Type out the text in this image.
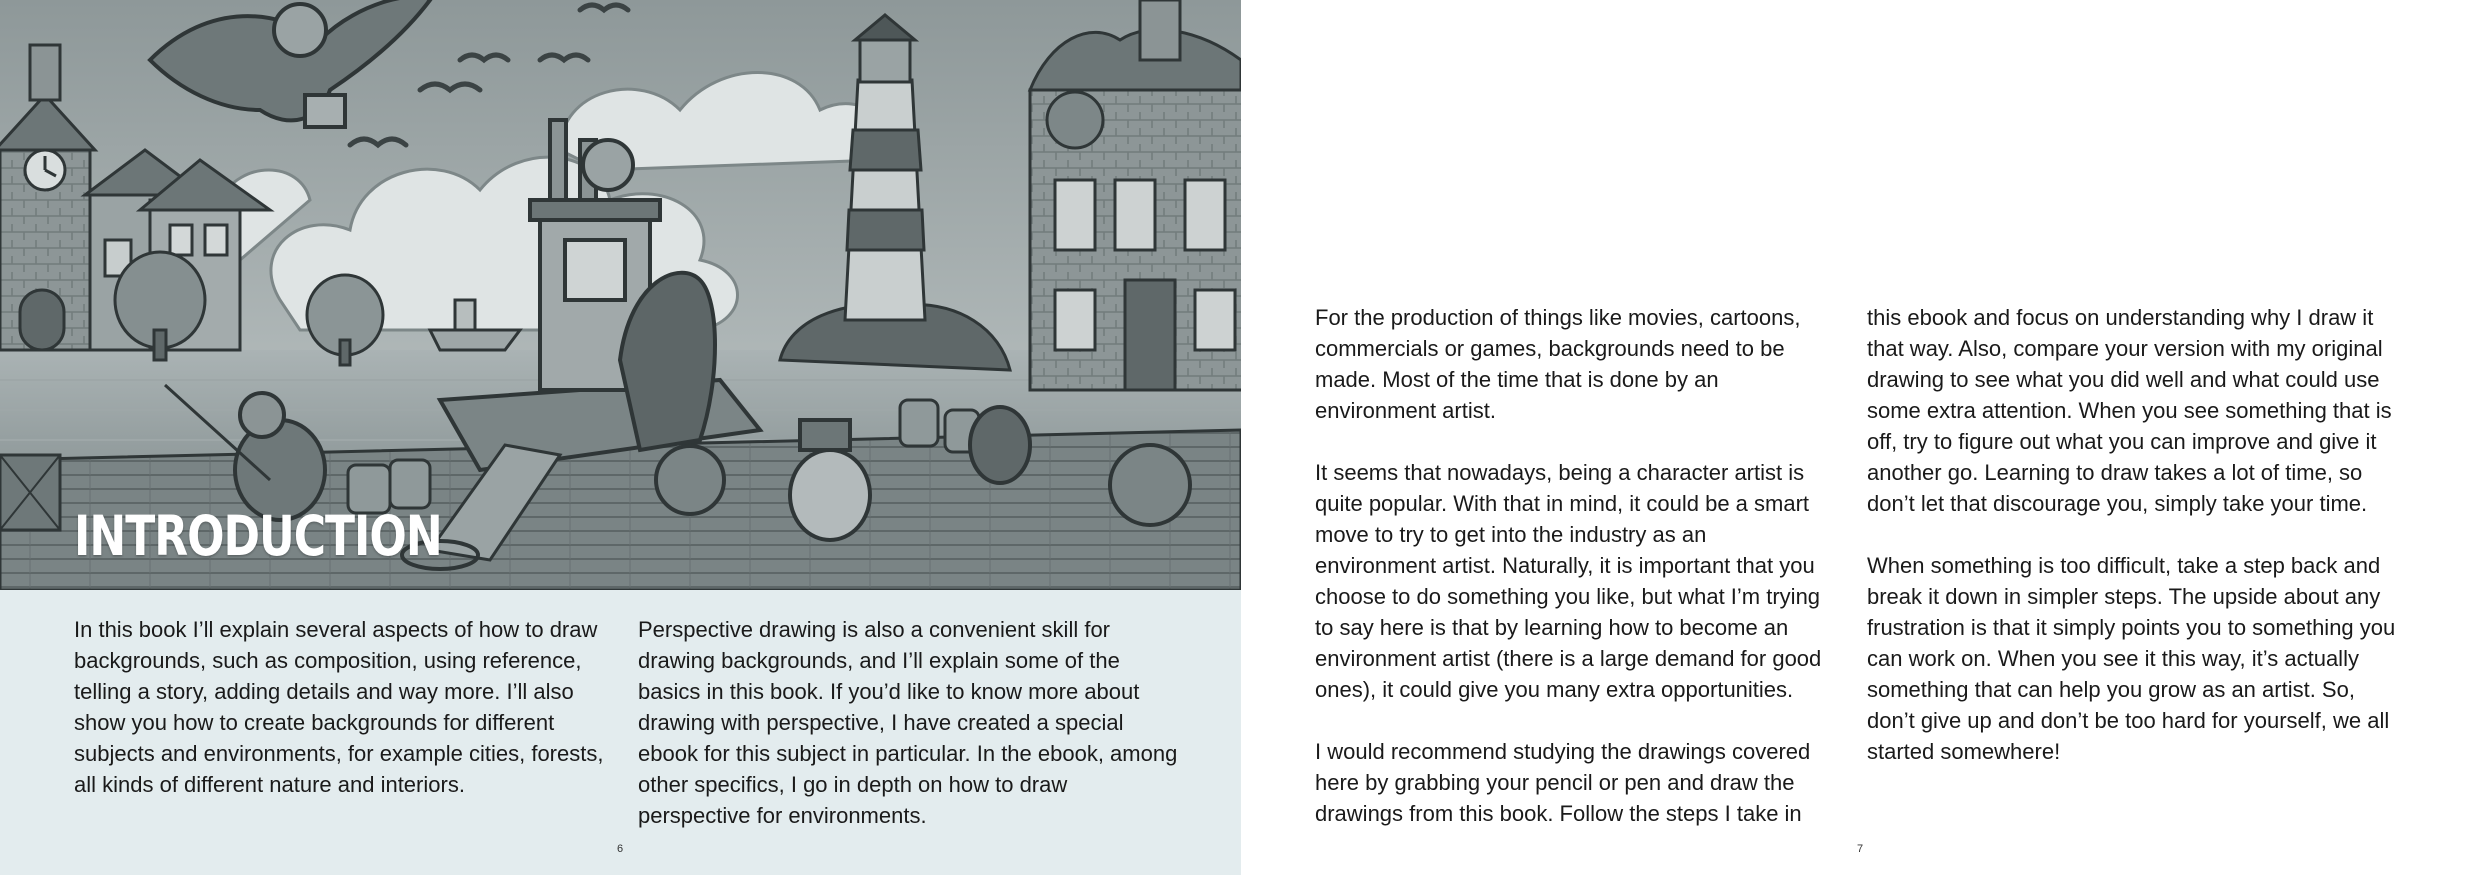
INTRODUCTION

In this book I’ll explain several aspects of how to draw backgrounds, such as composition, using reference, telling a story, adding details and way more. I’ll also show you how to create backgrounds for different subjects and environments, for example cities, forests, all kinds of different nature and interiors.

Perspective drawing is also a convenient skill for drawing backgrounds, and I’ll explain some of the basics in this book. If you’d like to know more about drawing with perspective, I have created a special ebook for this subject in particular. In the ebook, among other specifics, I go in depth on how to draw perspective for environments.

6

For the production of things like movies, cartoons, commercials or games, backgrounds need to be made. Most of the time that is done by an environment artist.

It seems that nowadays, being a character artist is quite popular. With that in mind, it could be a smart move to try to get into the industry as an environment artist. Naturally, it is important that you choose to do something you like, but what I’m trying to say here is that by learning how to become an environment artist (there is a large demand for good ones), it could give you many extra opportunities.

I would recommend studying the drawings covered here by grabbing your pencil or pen and draw the drawings from this book. Follow the steps I take in

this ebook and focus on understanding why I draw it that way. Also, compare your version with my original drawing to see what you did well and what could use some extra attention. When you see something that is off, try to figure out what you can improve and give it another go. Learning to draw takes a lot of time, so don’t let that discourage you, simply take your time.

When something is too difficult, take a step back and break it down in simpler steps. The upside about any frustration is that it simply points you to something you can work on. When you see it this way, it’s actually something that can help you grow as an artist. So, don’t give up and don’t be too hard for yourself, we all started somewhere!

7
